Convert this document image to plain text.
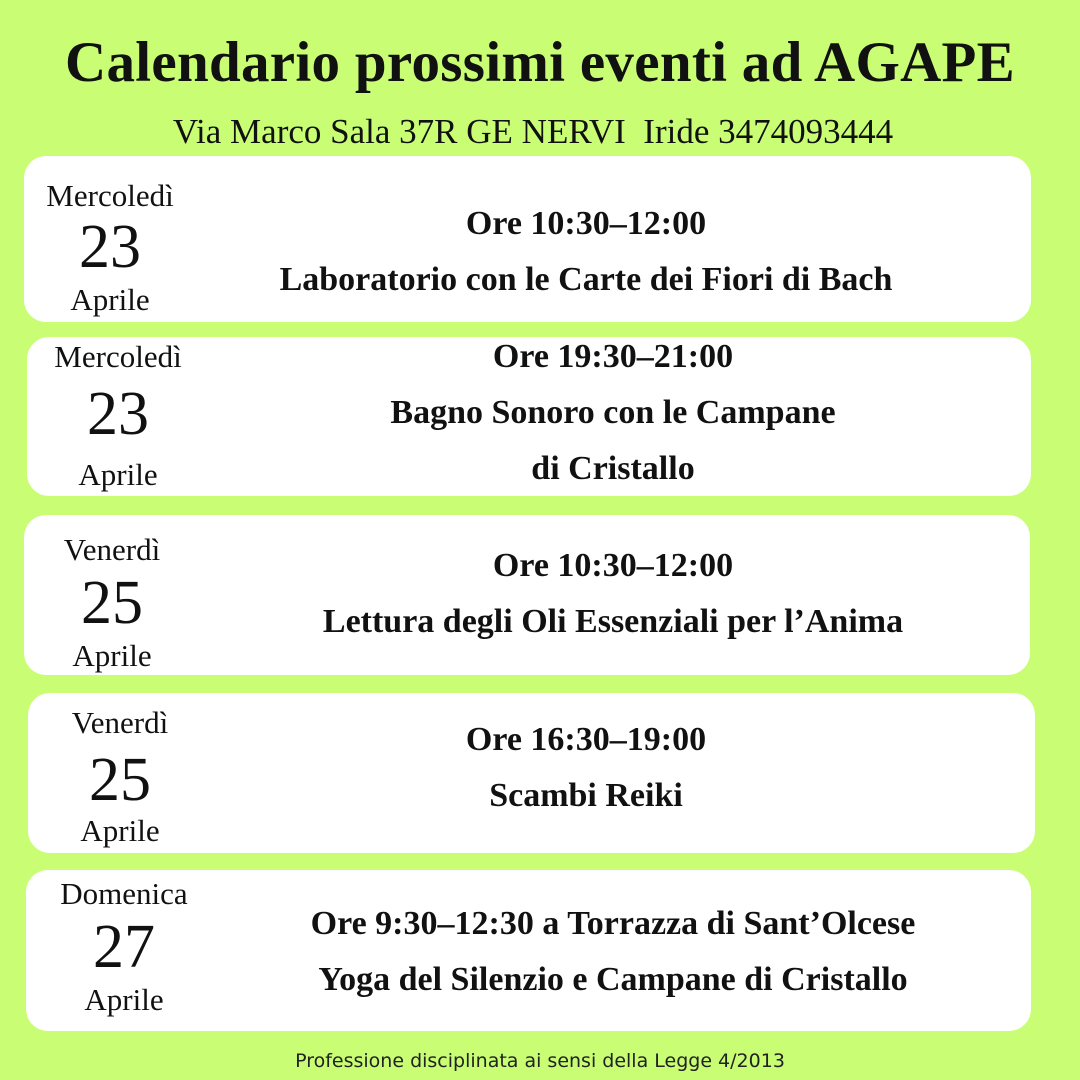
Calendario prossimi eventi ad AGAPE
Via Marco Sala 37R GE NERVI  Iride 3474093444
Mercoledì
23
Aprile
Ore 10:30–12:00
Laboratorio con le Carte dei Fiori di Bach
Mercoledì
23
Aprile
Ore 19:30–21:00
Bagno Sonoro con le Campane
di Cristallo
Venerdì
25
Aprile
Ore 10:30–12:00
Lettura degli Oli Essenziali per l’Anima
Venerdì
25
Aprile
Ore 16:30–19:00
Scambi Reiki
Domenica
27
Aprile
Ore 9:30–12:30 a Torrazza di Sant’Olcese
Yoga del Silenzio e Campane di Cristallo
Professione disciplinata ai sensi della Legge 4/2013
